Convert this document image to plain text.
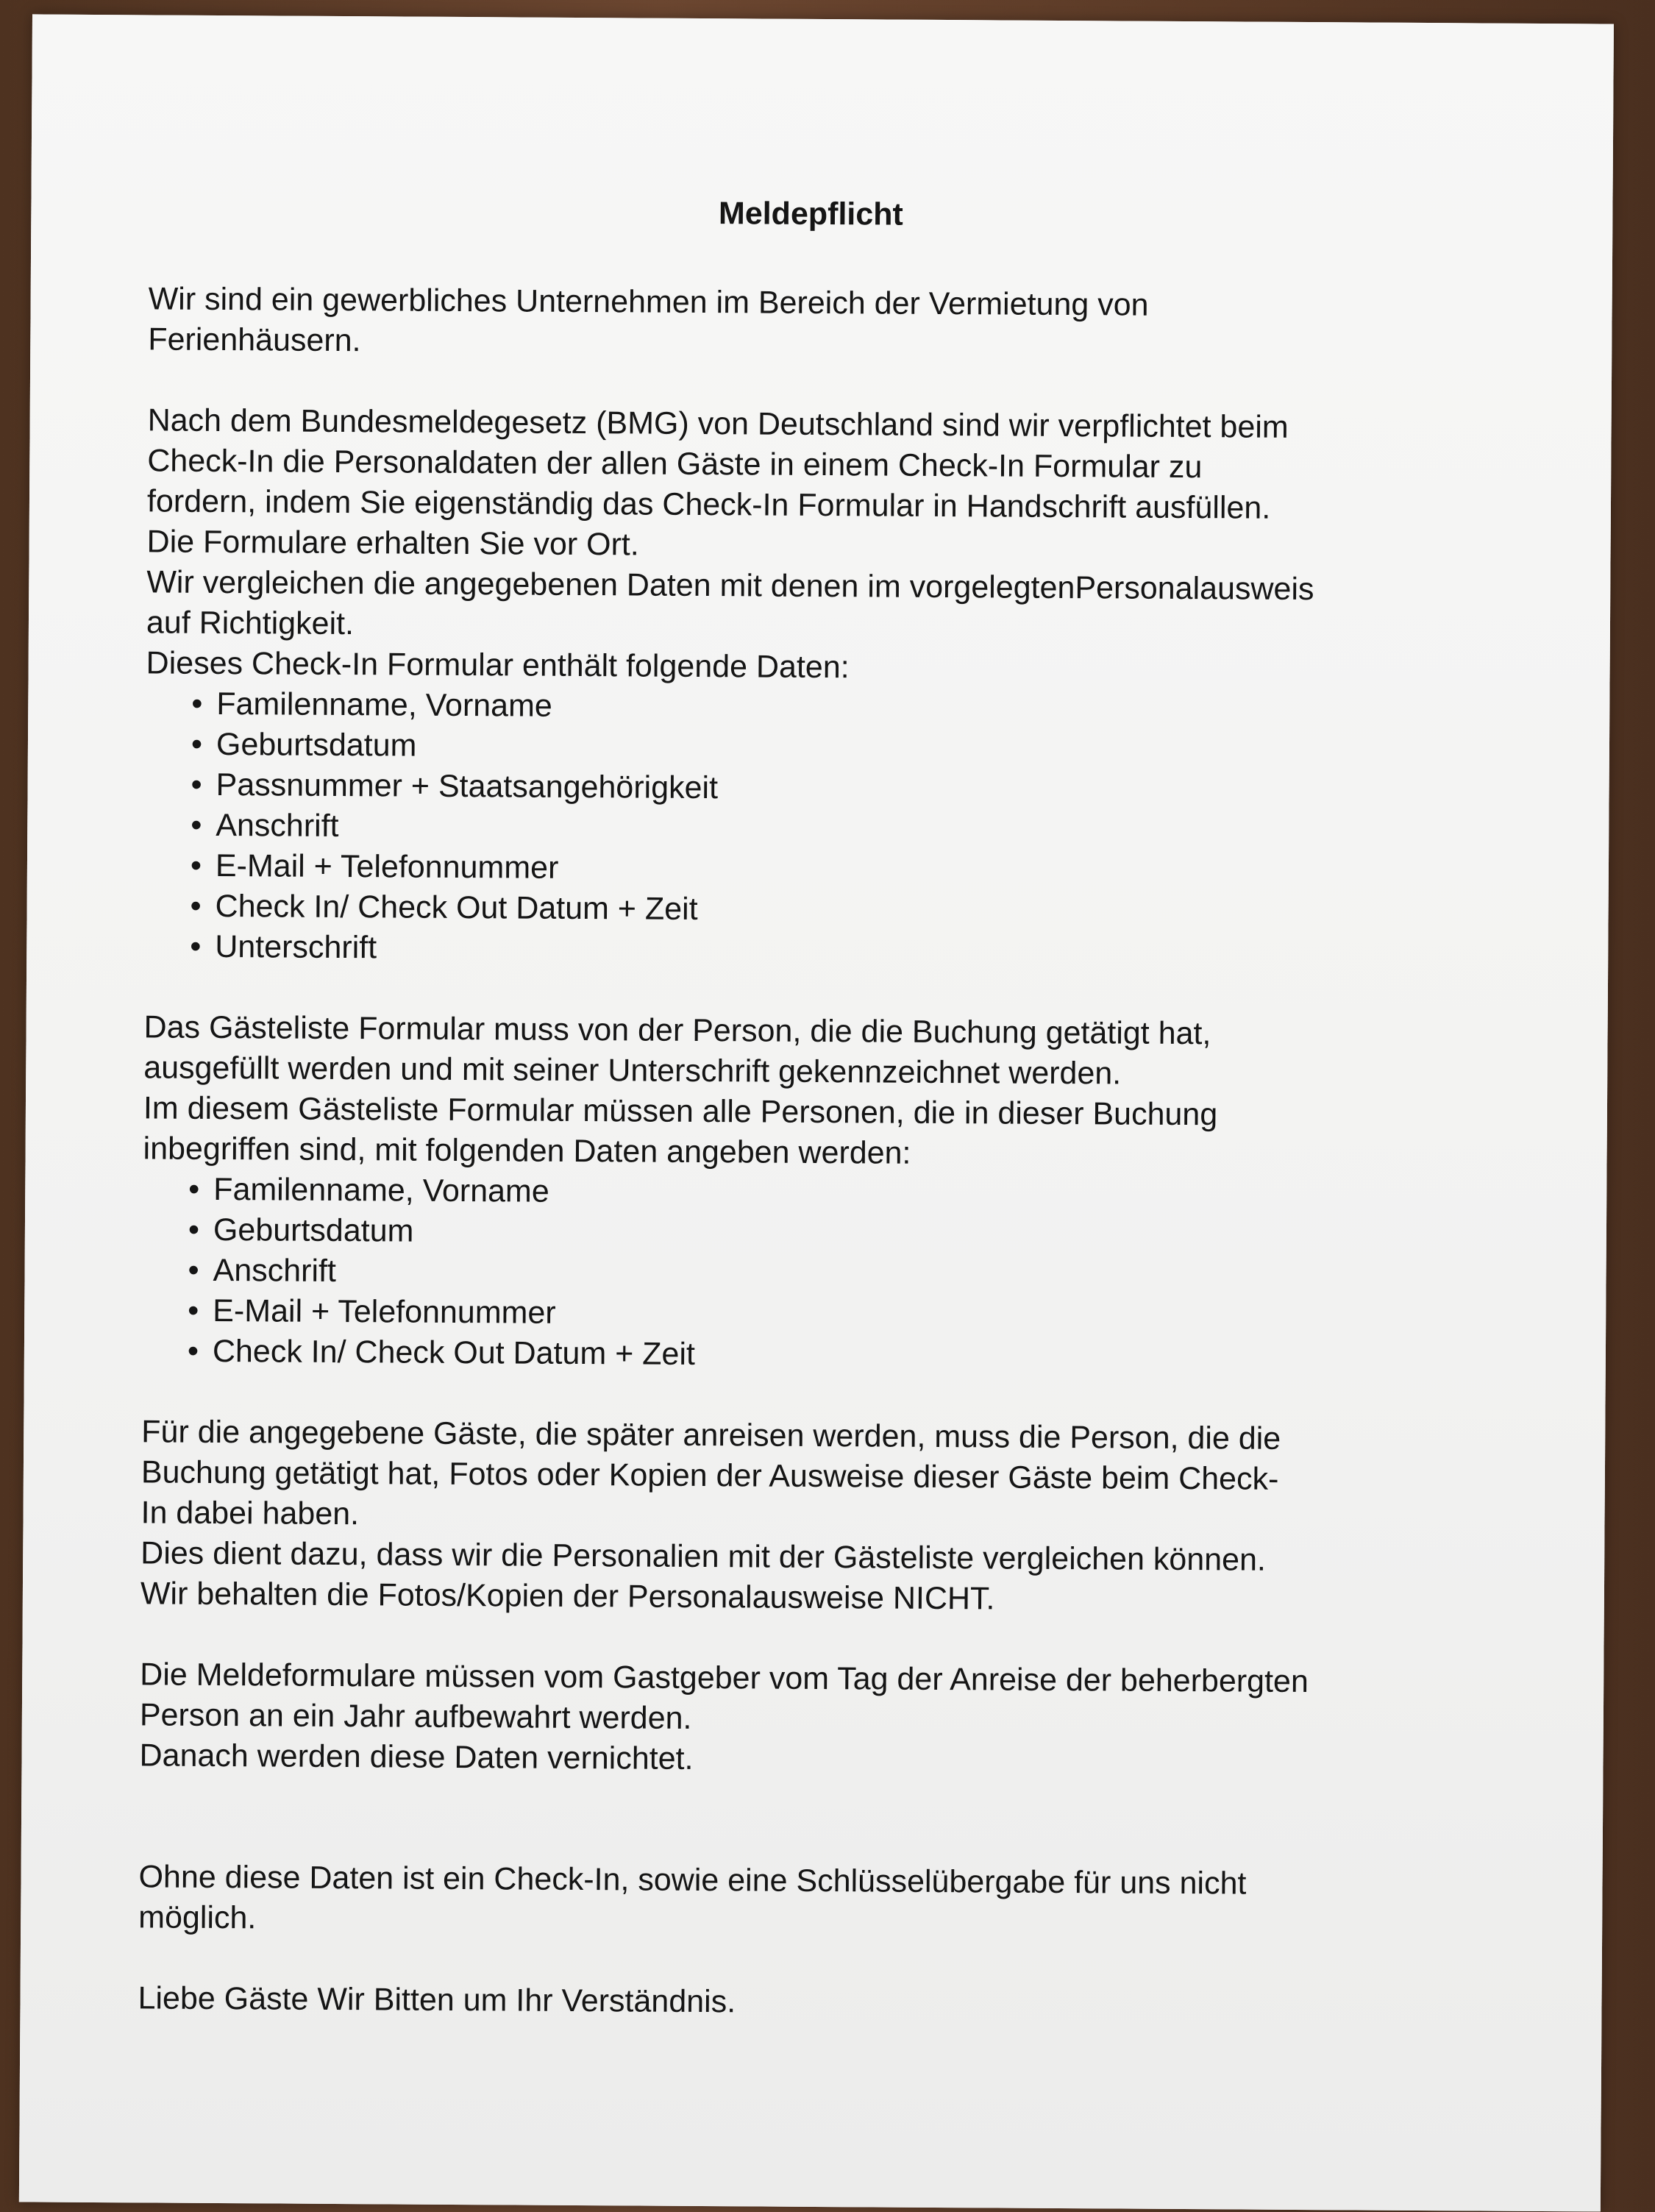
Meldepflicht
Wir sind ein gewerbliches Unternehmen im Bereich der Vermietung von
Ferienhäusern.
Nach dem Bundesmeldegesetz (BMG) von Deutschland sind wir verpflichtet beim
Check-In die Personaldaten der allen Gäste in einem Check-In Formular zu
fordern, indem Sie eigenständig das Check-In Formular in Handschrift ausfüllen.
Die Formulare erhalten Sie vor Ort.
Wir vergleichen die angegebenen Daten mit denen im vorgelegtenPersonalausweis
auf Richtigkeit.
Dieses Check-In Formular enthält folgende Daten:
• Familenname, Vorname
• Geburtsdatum
• Passnummer + Staatsangehörigkeit
• Anschrift
• E-Mail + Telefonnummer
• Check In/ Check Out Datum + Zeit
• Unterschrift
Das Gästeliste Formular muss von der Person, die die Buchung getätigt hat,
ausgefüllt werden und mit seiner Unterschrift gekennzeichnet werden.
Im diesem Gästeliste Formular müssen alle Personen, die in dieser Buchung
inbegriffen sind, mit folgenden Daten angeben werden:
• Familenname, Vorname
• Geburtsdatum
• Anschrift
• E-Mail + Telefonnummer
• Check In/ Check Out Datum + Zeit
Für die angegebene Gäste, die später anreisen werden, muss die Person, die die
Buchung getätigt hat, Fotos oder Kopien der Ausweise dieser Gäste beim Check-
In dabei haben.
Dies dient dazu, dass wir die Personalien mit der Gästeliste vergleichen können.
Wir behalten die Fotos/Kopien der Personalausweise NICHT.
Die Meldeformulare müssen vom Gastgeber vom Tag der Anreise der beherbergten
Person an ein Jahr aufbewahrt werden.
Danach werden diese Daten vernichtet.
Ohne diese Daten ist ein Check-In, sowie eine Schlüsselübergabe für uns nicht
möglich.
Liebe Gäste Wir Bitten um Ihr Verständnis.
